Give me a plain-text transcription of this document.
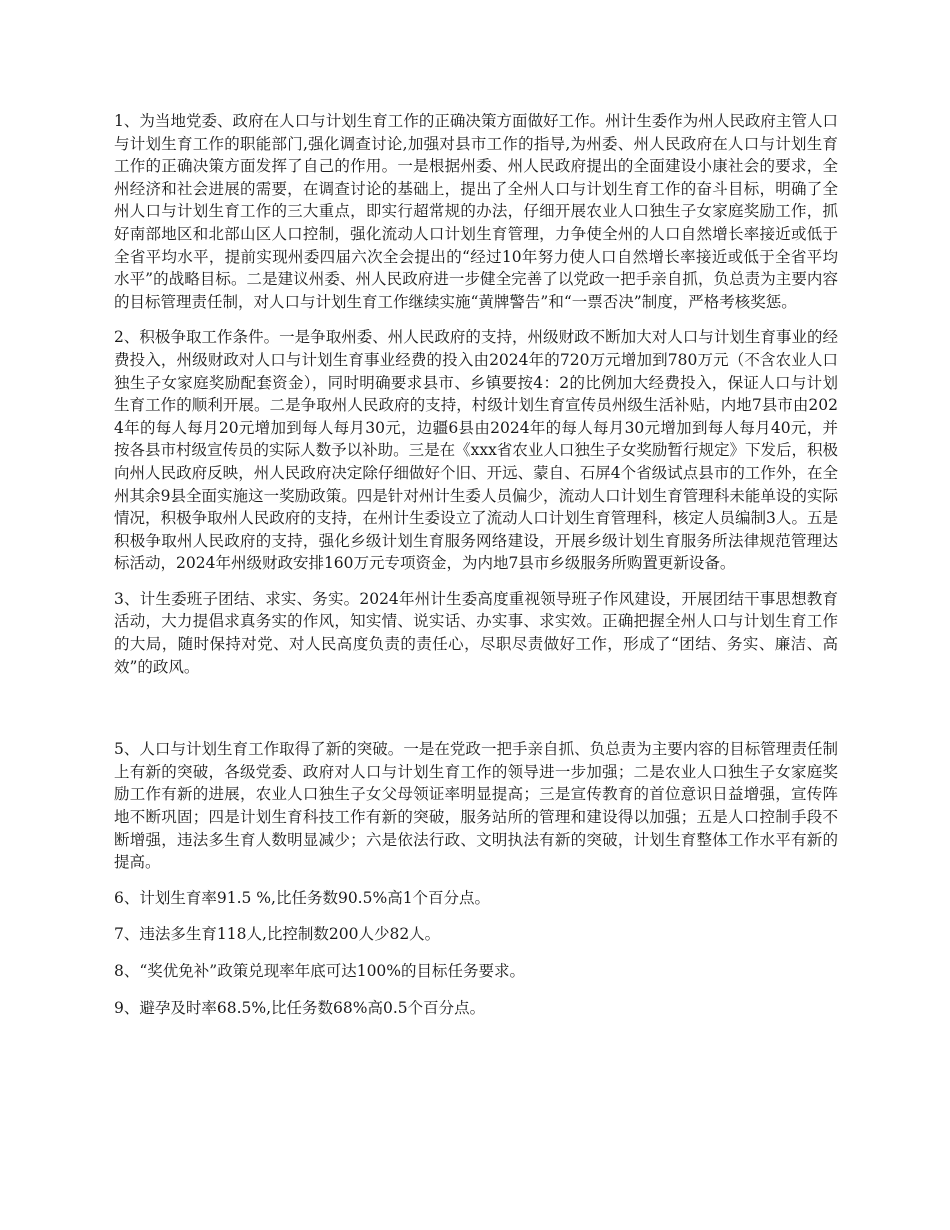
1、为当地党委、政府在人口与计划生育工作的正确决策方面做好工作。州计生委作为州人民政府主管人口与计划生育工作的职能部门,强化调查讨论,加强对县市工作的指导,为州委、州人民政府在人口与计划生育工作的正确决策方面发挥了自己的作用。一是根据州委、州人民政府提出的全面建设小康社会的要求，全州经济和社会进展的需要，在调查讨论的基础上，提出了全州人口与计划生育工作的奋斗目标，明确了全州人口与计划生育工作的三大重点，即实行超常规的办法，仔细开展农业人口独生子女家庭奖励工作，抓好南部地区和北部山区人口控制，强化流动人口计划生育管理，力争使全州的人口自然增长率接近或低于全省平均水平，提前实现州委四届六次全会提出的“经过10年努力使人口自然增长率接近或低于全省平均水平”的战略目标。二是建议州委、州人民政府进一步健全完善了以党政一把手亲自抓，负总责为主要内容的目标管理责任制，对人口与计划生育工作继续实施“黄牌警告”和“一票否决”制度，严格考核奖惩。

2、积极争取工作条件。一是争取州委、州人民政府的支持，州级财政不断加大对人口与计划生育事业的经费投入，州级财政对人口与计划生育事业经费的投入由2024年的720万元增加到780万元（不含农业人口独生子女家庭奖励配套资金），同时明确要求县市、乡镇要按4：2的比例加大经费投入，保证人口与计划生育工作的顺利开展。二是争取州人民政府的支持，村级计划生育宣传员州级生活补贴，内地7县市由2024年的每人每月20元增加到每人每月30元，边疆6县由2024年的每人每月30元增加到每人每月40元，并按各县市村级宣传员的实际人数予以补助。三是在《xxx省农业人口独生子女奖励暂行规定》下发后，积极向州人民政府反映，州人民政府决定除仔细做好个旧、开远、蒙自、石屏4个省级试点县市的工作外，在全州其余9县全面实施这一奖励政策。四是针对州计生委人员偏少，流动人口计划生育管理科未能单设的实际情况，积极争取州人民政府的支持，在州计生委设立了流动人口计划生育管理科，核定人员编制3人。五是积极争取州人民政府的支持，强化乡级计划生育服务网络建设，开展乡级计划生育服务所法律规范管理达标活动，2024年州级财政安排160万元专项资金，为内地7县市乡级服务所购置更新设备。

3、计生委班子团结、求实、务实。2024年州计生委高度重视领导班子作风建设，开展团结干事思想教育活动，大力提倡求真务实的作风，知实情、说实话、办实事、求实效。正确把握全州人口与计划生育工作的大局，随时保持对党、对人民高度负责的责任心，尽职尽责做好工作，形成了“团结、务实、廉洁、高效”的政风。

5、人口与计划生育工作取得了新的突破。一是在党政一把手亲自抓、负总责为主要内容的目标管理责任制上有新的突破，各级党委、政府对人口与计划生育工作的领导进一步加强；二是农业人口独生子女家庭奖励工作有新的进展，农业人口独生子女父母领证率明显提高；三是宣传教育的首位意识日益增强，宣传阵地不断巩固；四是计划生育科技工作有新的突破，服务站所的管理和建设得以加强；五是人口控制手段不断增强，违法多生育人数明显减少；六是依法行政、文明执法有新的突破，计划生育整体工作水平有新的提高。

6、计划生育率91.5 %,比任务数90.5%高1个百分点。

7、违法多生育118人,比控制数200人少82人。

8、“奖优免补”政策兑现率年底可达100%的目标任务要求。

9、避孕及时率68.5%,比任务数68%高0.5个百分点。
